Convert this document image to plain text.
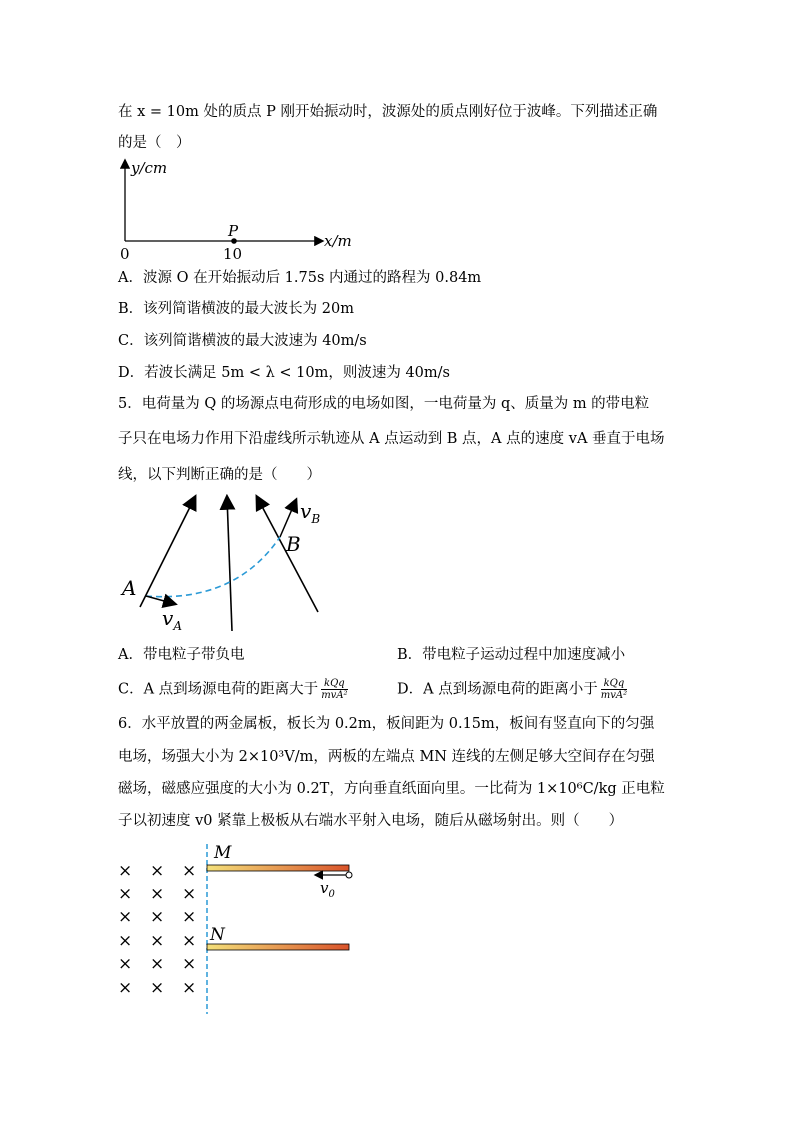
在 x = 10m 处的质点 P 刚开始振动时，波源处的质点刚好位于波峰。下列描述正确
的是（　）
y/cm
x/m
0	10
P
A．波源 O 在开始振动后 1.75s 内通过的路程为 0.84m
B．该列简谐横波的最大波长为 20m
C．该列简谐横波的最大波速为 40m/s
D．若波长满足 5m < λ < 10m，则波速为 40m/s
5．电荷量为 Q 的场源点电荷形成的电场如图，一电荷量为 q、质量为 m 的带电粒
子只在电场力作用下沿虚线所示轨迹从 A 点运动到 B 点，A 点的速度 vA 垂直于电场
线，以下判断正确的是（　　）
A
B
$v_A$
$v_B$
A．带电粒子带负电	B．带电粒子运动过程中加速度减小
C．A 点到场源电荷的距离大于 $\frac{\text{kQq}}{\text{mvA²}}$	D．A 点到场源电荷的距离小于 $\frac{\text{kQq}}{\text{mvA²}}$
6．水平放置的两金属板，板长为 0.2m，板间距为 0.15m，板间有竖直向下的匀强
电场，场强大小为 2×10³V/m，两板的左端点 MN 连线的左侧足够大空间存在匀强
磁场，磁感应强度的大小为 0.2T，方向垂直纸面向里。一比荷为 1×10⁶C/kg 正电粒
子以初速度 v0 紧靠上极板从右端水平射入电场，随后从磁场射出。则（　　）
× × ×
× × ×
× × ×
× × ×
× × ×
× × ×
M
N
$v_0$
